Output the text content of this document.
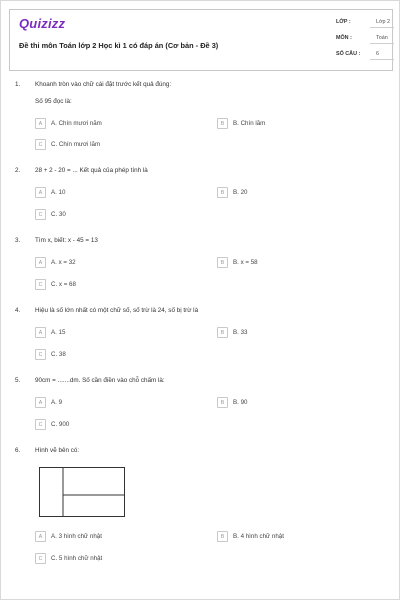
Quizizz
Đề thi môn Toán lớp 2 Học kì 1 có đáp án (Cơ bản - Đề 3)
LỚP :	Lớp 2
MÔN :	Toán
SỐ CÂU :	6
1. Khoanh tròn vào chữ cái đặt trước kết quả đúng:
Số 95 đọc là:
A	A. Chín mươi năm	B	B. Chín lăm
C	C. Chín mươi lăm
2. 28 + 2 - 20 = ... Kết quả của phép tính là
A	A. 10	B	B. 20
C	C. 30
3. Tìm x, biết: x - 45 = 13
A	A. x = 32	B	B. x = 58
C	C. x = 68
4. Hiệu là số lớn nhất có một chữ số, số trừ là 24, số bị trừ là
A	A. 15	B	B. 33
C	C. 38
5. 90cm = .......dm. Số cần điền vào chỗ chấm là:
A	A. 9	B	B. 90
C	C. 900
6. Hình vẽ bên có:
A	A. 3 hình chữ nhật	B	B. 4 hình chữ nhật
C	C. 5 hình chữ nhật
